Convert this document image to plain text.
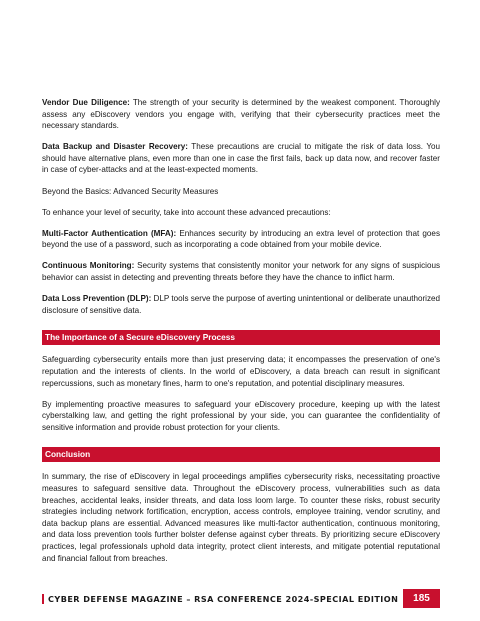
Vendor Due Diligence: The strength of your security is determined by the weakest component. Thoroughly assess any eDiscovery vendors you engage with, verifying that their cybersecurity practices meet the necessary standards.

Data Backup and Disaster Recovery: These precautions are crucial to mitigate the risk of data loss. You should have alternative plans, even more than one in case the first fails, back up data now, and recover faster in case of cyber-attacks and at the least-expected moments.

Beyond the Basics: Advanced Security Measures

To enhance your level of security, take into account these advanced precautions:

Multi-Factor Authentication (MFA): Enhances security by introducing an extra level of protection that goes beyond the use of a password, such as incorporating a code obtained from your mobile device.

Continuous Monitoring: Security systems that consistently monitor your network for any signs of suspicious behavior can assist in detecting and preventing threats before they have the chance to inflict harm.

Data Loss Prevention (DLP): DLP tools serve the purpose of averting unintentional or deliberate unauthorized disclosure of sensitive data.

The Importance of a Secure eDiscovery Process

Safeguarding cybersecurity entails more than just preserving data; it encompasses the preservation of one's reputation and the interests of clients. In the world of eDiscovery, a data breach can result in significant repercussions, such as monetary fines, harm to one's reputation, and potential disciplinary measures.

By implementing proactive measures to safeguard your eDiscovery procedure, keeping up with the latest cyberstalking law, and getting the right professional by your side, you can guarantee the confidentiality of sensitive information and provide robust protection for your clients.

Conclusion

In summary, the rise of eDiscovery in legal proceedings amplifies cybersecurity risks, necessitating proactive measures to safeguard sensitive data. Throughout the eDiscovery process, vulnerabilities such as data breaches, accidental leaks, insider threats, and data loss loom large. To counter these risks, robust security strategies including network fortification, encryption, access controls, employee training, vendor scrutiny, and data backup plans are essential. Advanced measures like multi-factor authentication, continuous monitoring, and data loss prevention tools further bolster defense against cyber threats. By prioritizing secure eDiscovery practices, legal professionals uphold data integrity, protect client interests, and mitigate potential reputational and financial fallout from breaches.

CYBER DEFENSE MAGAZINE – RSA CONFERENCE 2024-SPECIAL EDITION	185
